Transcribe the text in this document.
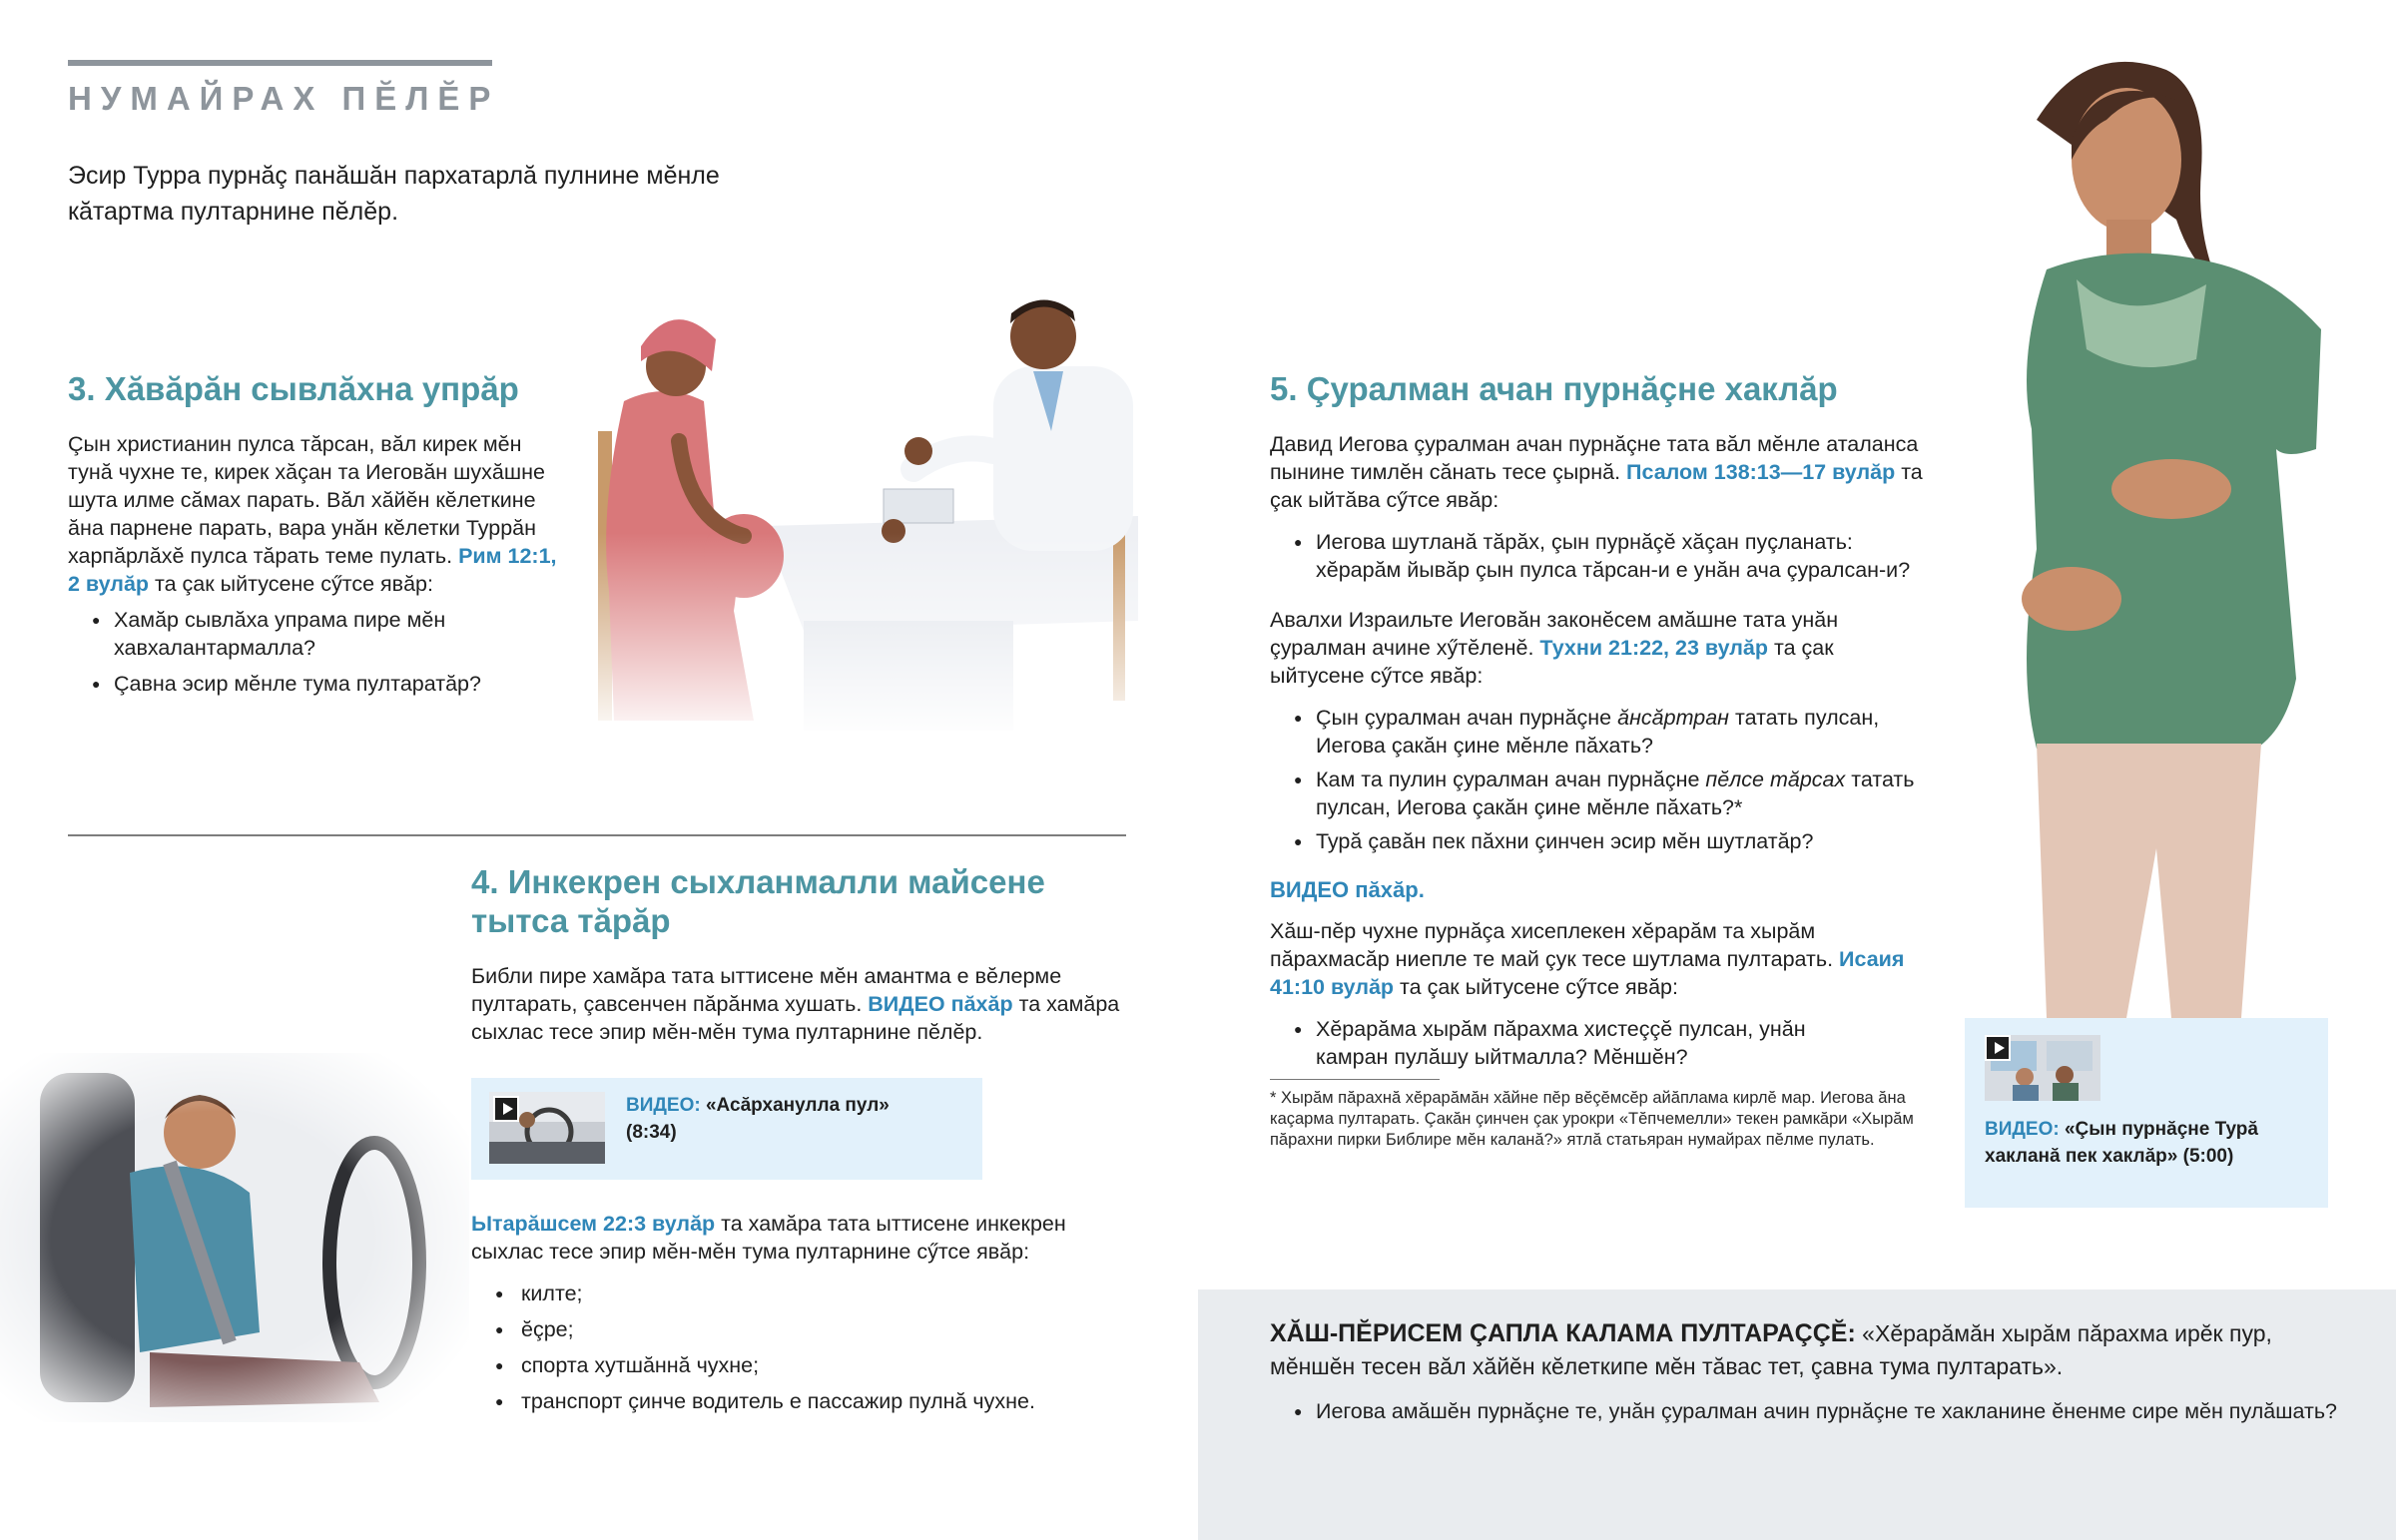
НУМАЙРАХ ПĔЛĔР
Эсир Турра пурнăç панăшăн пархатарлă пулнине мĕнле кăтартма пултарнине пĕлĕр.
3. Хăвăрăн сывлăхна упрăр

Çын христианин пулса тăрсан, вăл кирек мĕн тунă чухне те, кирек хăçан та Иеговăн шухăшне шута илме сăмах парать. Вăл хăйĕн кĕлеткине ăна парнене парать, вара унăн кĕлетки Туррăн харпăрлăхĕ пулса тăрать теме пулать. Рим 12:1, 2 вулăр та çак ыйтусене сӳтсе явăр:

● Хамăр сывлăха упрама пире мĕн хавхалантармалла?
● Çавна эсир мĕнле тума пултаратăр?
4. Инкекрен сыхланмалли майсене тытса тăрăр

Библи пире хамăра тата ыттисене мĕн амантма е вĕлерме пултарать, çавсенчен пăрăнма хушать. ВИДЕО пăхăр та хамăра сыхлас тесе эпир мĕн-мĕн тума пултарнине пĕлĕр.

ВИДЕО: «Асăрханулла пул»
(8:34)

Ытарăшсем 22:3 вулăр та хамăра тата ыттисене инкекрен сыхлас тесе эпир мĕн-мĕн тума пултарнине сӳтсе явăр:

● килте;
● ĕçре;
● спорта хутшăннă чухне;
● транспорт çинче водитель е пассажир пулнă чухне.
5. Çуралман ачан пурнăçне хаклăр

Давид Иегова çуралман ачан пурнăçне тата вăл мĕнле аталанса пынине тимлĕн сăнать тесе çырнă. Псалом 138:13—17 вулăр та çак ыйтăва сӳтсе явăр:

● Иегова шутланă тăрăх, çын пурнăçĕ хăçан пуçланать: хĕрарăм йывăр çын пулса тăрсан-и е унăн ача çуралсан-и?

Авалхи Израильте Иеговăн законĕсем амăшне тата унăн çуралман ачине хӳтĕленĕ. Тухни 21:22, 23 вулăр та çак ыйтусене сӳтсе явăр:

● Çын çуралман ачан пурнăçне ăнсăртран татать пулсан, Иегова çакăн çине мĕнле пăхать?
● Кам та пулин çуралман ачан пурнăçне пĕлсе тăрсах татать пулсан, Иегова çакăн çине мĕнле пăхать?*
● Турă çавăн пек пăхни çинчен эсир мĕн шутлатăр?
ВИДЕО пăхăр.

Хăш-пĕр чухне пурнăça хисеплекен хĕрарăм та хырăм пăрахмасăр ниепле те май çук тесе шутлама пултарать. Исаия 41:10 вулăр та çак ыйтусене сӳтсе явăр:

● Хĕрарăма хырăм пăрахма хистеççĕ пулсан, унăн камран пулăшу ыйтмалла? Мĕншĕн?
* Хырăм пăрахнă хĕрарăмăн хăйне пĕр вĕçĕмсĕр айăплама кирлĕ мар. Иегова ăна каçарма пултарать. Çакăн çинчен çак урокри «Тĕпчемелли» текен рамкăри «Хырăм пăрахни пирки Библире мĕн каланă?» ятлă статьяран нумайрах пĕлме пулать.	ВИДЕО: «Çын пурнăçне Турă хакланă пек хаклăр» (5:00)
ХĂШ-ПĔРИСЕМ ÇАПЛА КАЛАМА ПУЛТАРАÇÇĔ: «Хĕрарăмăн хырăм пăрахма ирĕк пур, мĕншĕн тесен вăл хăйĕн кĕлеткипе мĕн тăвас тет, çавна тума пултарать».
● Иегова амăшĕн пурнăçне те, унăн çуралман ачин пурнăçне те хакланине ĕненме сире мĕн пулăшать?
